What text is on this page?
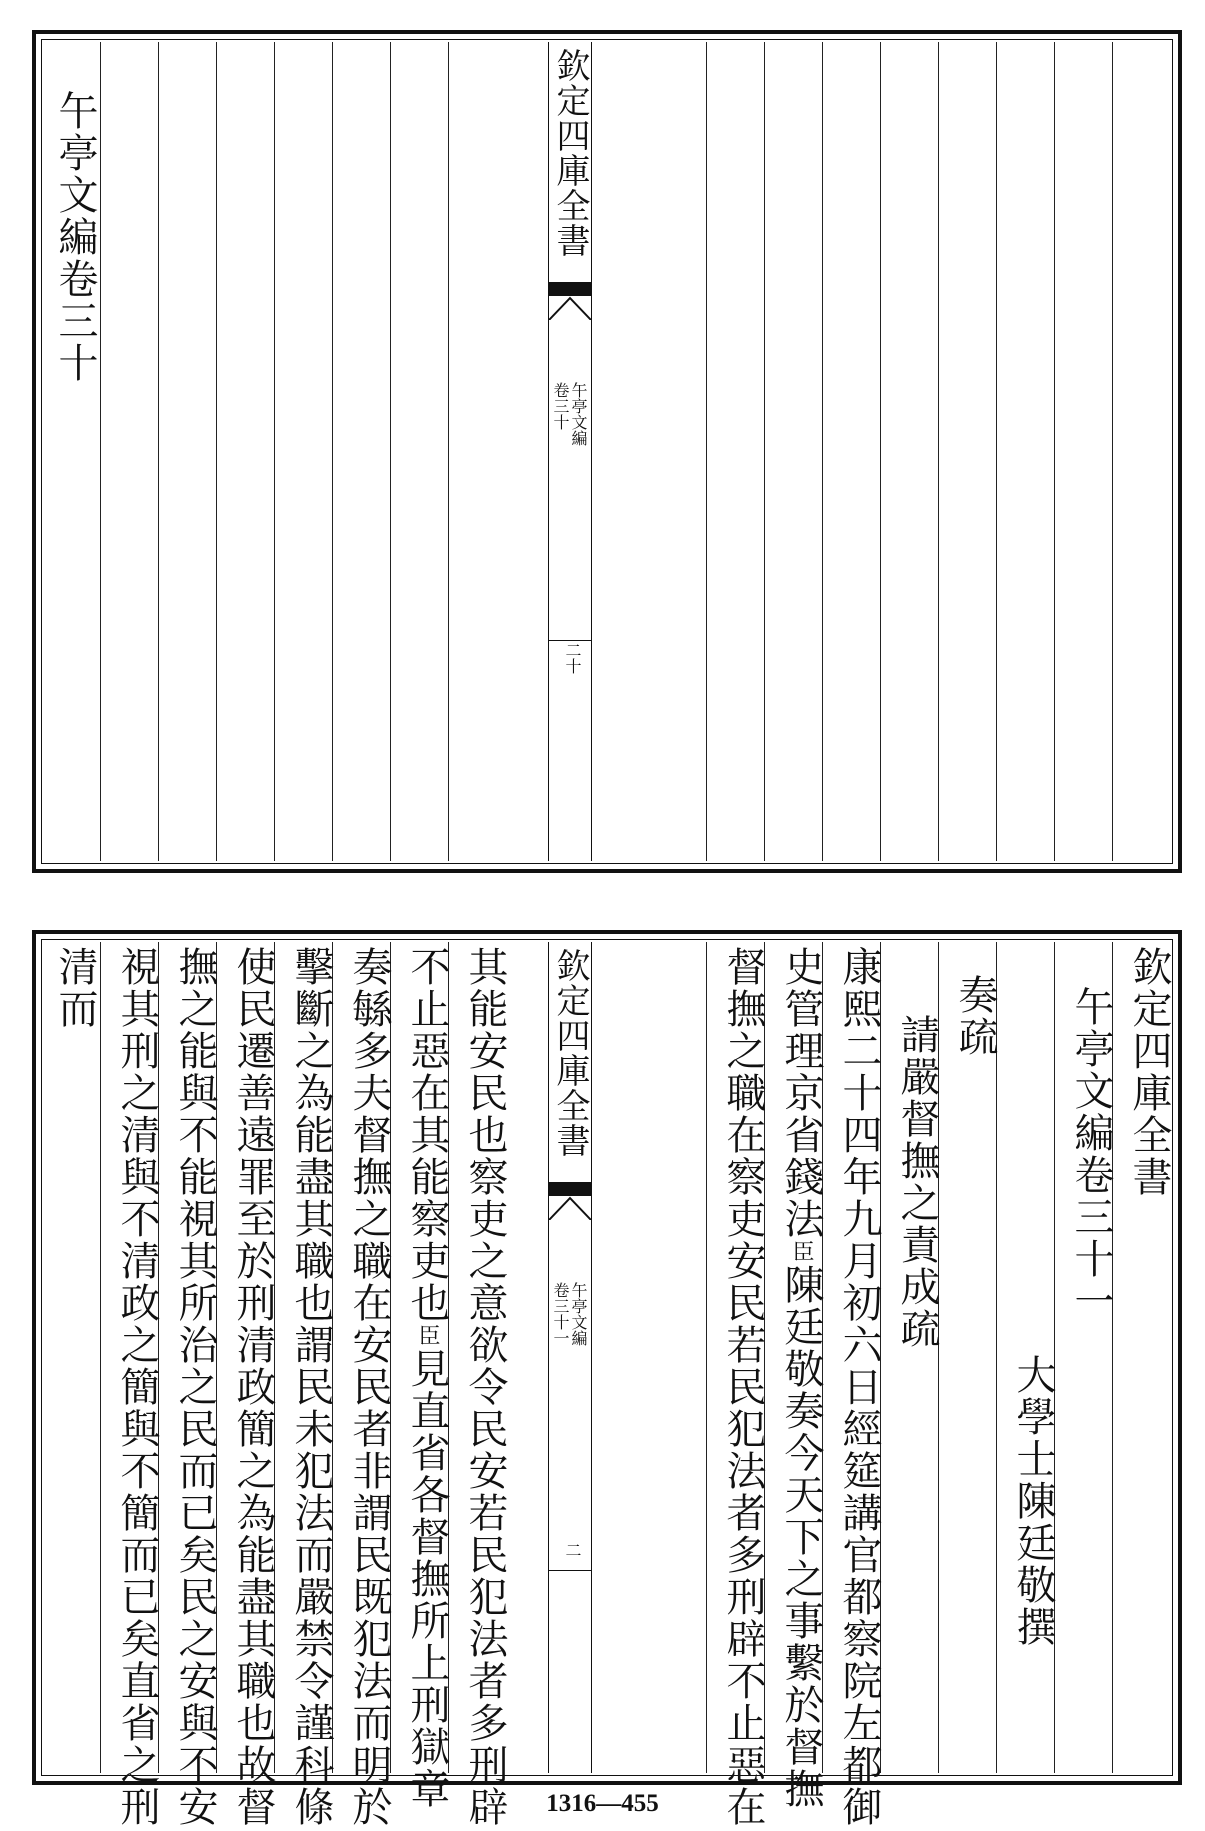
午亭文編卷三十	欽定四庫全書
午亭文編
卷三十
二十
欽定四庫全書
午亭文編卷三十一
大學士陳廷敬撰
奏疏
請嚴督撫之責成疏
康熙二十四年九月初六日經筵講官都察院左都御
史管理京省錢法臣陳廷敬奏今天下之事繫於督撫
督撫之職在察吏安民若民犯法者多刑辟不止惡在
欽定四庫全書
午亭文編
卷三十一
二
其能安民也察吏之意欲令民安若民犯法者多刑辟
不止惡在其能察吏也臣見直省各督撫所上刑獄章
奏緐多夫督撫之職在安民者非謂民既犯法而明於
擊斷之為能盡其職也謂民未犯法而嚴禁令謹科條
使民遷善遠罪至於刑清政簡之為能盡其職也故督
撫之能與不能視其所治之民而已矣民之安與不安
視其刑之清與不清政之簡與不簡而已矣直省之刑
清而
1316—455
